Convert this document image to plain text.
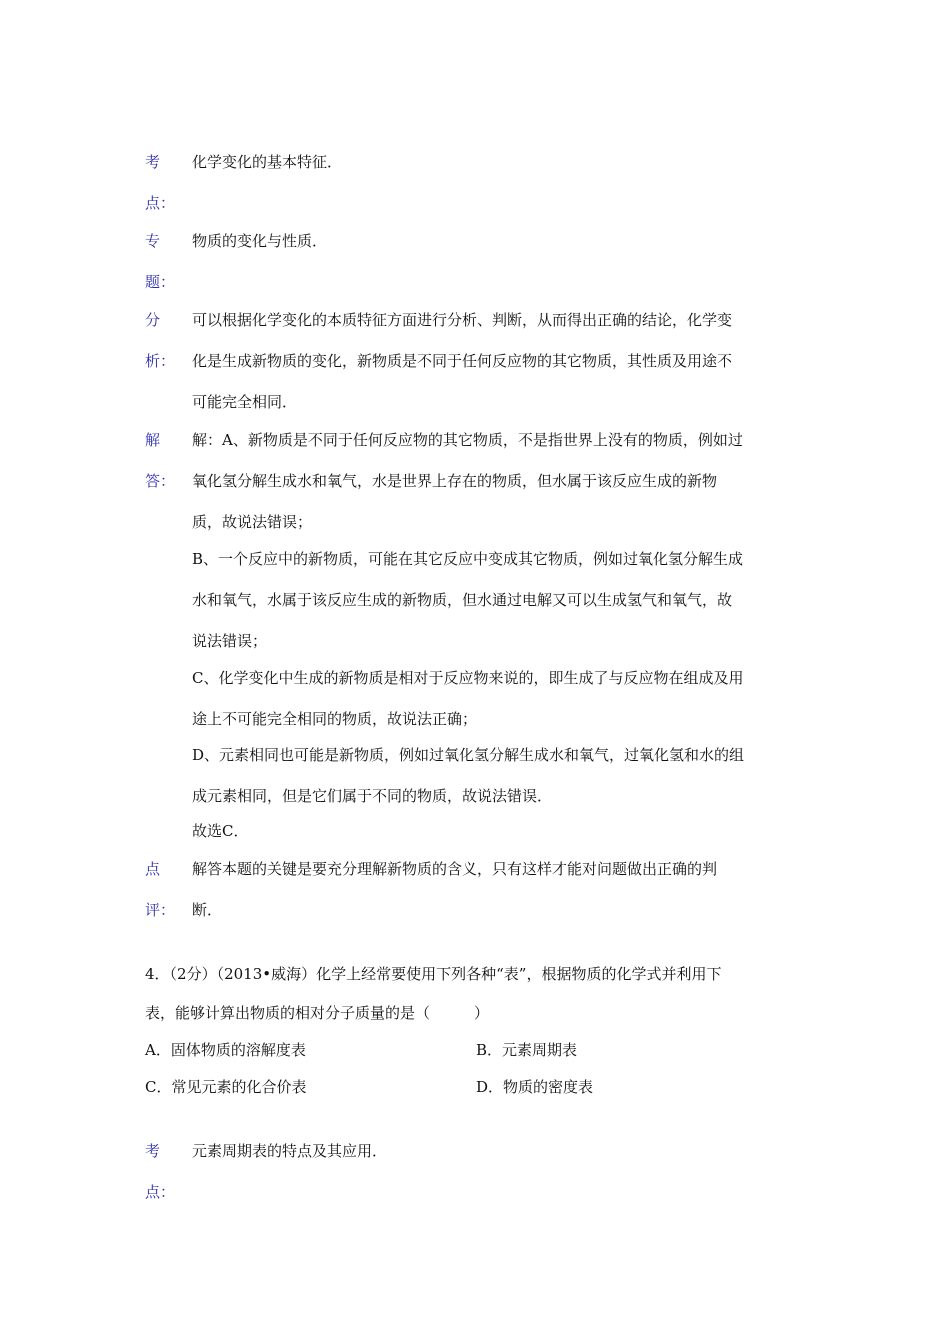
考
点：
化学变化的基本特征．
专
题：
物质的变化与性质．
分
析：
可以根据化学变化的本质特征方面进行分析、判断，从而得出正确的结论，化学变
化是生成新物质的变化，新物质是不同于任何反应物的其它物质，其性质及用途不
可能完全相同．
解
答：
解：A、新物质是不同于任何反应物的其它物质，不是指世界上没有的物质，例如过
氧化氢分解生成水和氧气，水是世界上存在的物质，但水属于该反应生成的新物
质，故说法错误；
B、一个反应中的新物质，可能在其它反应中变成其它物质，例如过氧化氢分解生成
水和氧气，水属于该反应生成的新物质，但水通过电解又可以生成氢气和氧气，故
说法错误；
C、化学变化中生成的新物质是相对于反应物来说的，即生成了与反应物在组成及用
途上不可能完全相同的物质，故说法正确；
D、元素相同也可能是新物质，例如过氧化氢分解生成水和氧气，过氧化氢和水的组
成元素相同，但是它们属于不同的物质，故说法错误．
故选C．
点
评：
解答本题的关键是要充分理解新物质的含义，只有这样才能对问题做出正确的判
断．
4．（2分）（2013•威海）化学上经常要使用下列各种“表”，根据物质的化学式并利用下
表，能够计算出物质的相对分子质量的是（	）
A．固体物质的溶解度表	B．元素周期表
C．常见元素的化合价表	D．物质的密度表
考
点：
元素周期表的特点及其应用．
